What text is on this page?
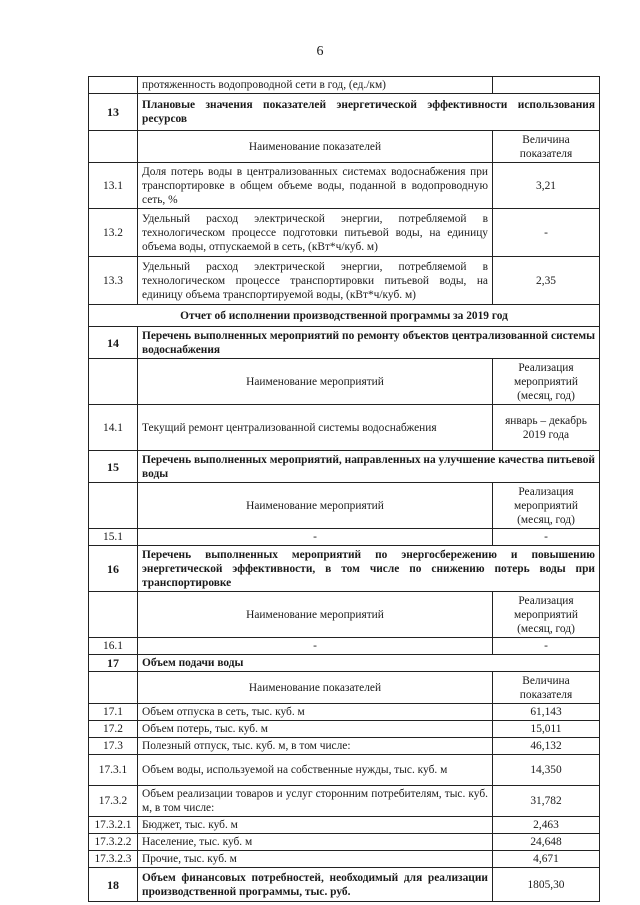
6
	протяженность водопроводной сети в год, (ед./км)	
13	Плановые значения показателей энергетической эффективности использования ресурсов	
	Наименование показателей	Величина показателя
13.1	Доля потерь воды в централизованных системах водоснабжения при транспортировке в общем объеме воды, поданной в водопроводную сеть, %	3,21
13.2	Удельный расход электрической энергии, потребляемой в технологическом процессе подготовки питьевой воды, на единицу объема воды, отпускаемой в сеть, (кВт*ч/куб. м)	-
13.3	Удельный расход электрической энергии, потребляемой в технологическом процессе транспортировки питьевой воды, на единицу объема транспортируемой воды, (кВт*ч/куб. м)	2,35
Отчет об исполнении производственной программы за 2019 год		
14	Перечень выполненных мероприятий по ремонту объектов централизованной системы водоснабжения	
	Наименование мероприятий	Реализация мероприятий (месяц, год)
14.1	Текущий ремонт централизованной системы водоснабжения	январь – декабрь 2019 года
15	Перечень выполненных мероприятий, направленных на улучшение качества питьевой воды	
	Наименование мероприятий	Реализация мероприятий (месяц, год)
15.1	-	-
16	Перечень выполненных мероприятий по энергосбережению и повышению энергетической эффективности, в том числе по снижению потерь воды при транспортировке	
	Наименование мероприятий	Реализация мероприятий (месяц, год)
16.1	-	-
17	Объем подачи воды	
	Наименование показателей	Величина показателя
17.1	Объем отпуска в сеть, тыс. куб. м	61,143
17.2	Объем потерь, тыс. куб. м	15,011
17.3	Полезный отпуск, тыс. куб. м, в том числе:	46,132
17.3.1	Объем воды, используемой на собственные нужды, тыс. куб. м	14,350
17.3.2	Объем реализации товаров и услуг сторонним потребителям, тыс. куб. м, в том числе:	31,782
17.3.2.1	Бюджет, тыс. куб. м	2,463
17.3.2.2	Население, тыс. куб. м	24,648
17.3.2.3	Прочие, тыс. куб. м	4,671
18	Объем финансовых потребностей, необходимый для реализации производственной программы, тыс. руб.	1805,30
